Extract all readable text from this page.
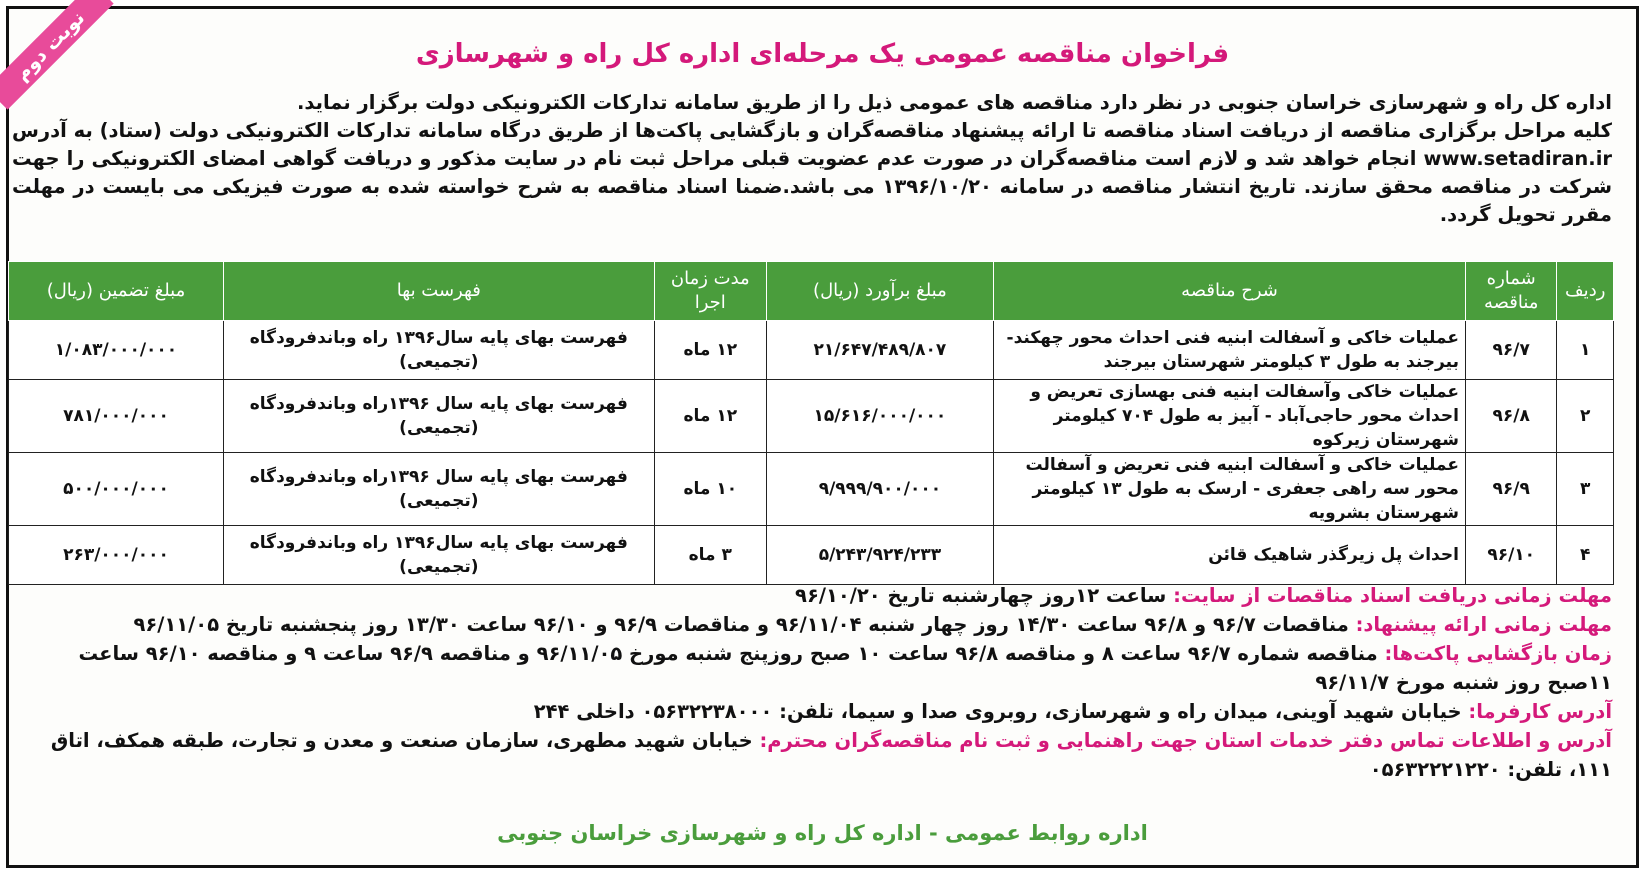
نوبت دوم	فراخوان مناقصه عمومی یک مرحله‌ای اداره کل راه و شهرسازی

اداره کل راه و شهرسازی خراسان جنوبی در نظر دارد مناقصه های عمومی ذیل را از طریق سامانه تدارکات الکترونیکی دولت برگزار نماید.

کلیه مراحل برگزاری مناقصه از دریافت اسناد مناقصه تا ارائه پیشنهاد مناقصه‌گران و بازگشایی پاکت‌ها از طریق درگاه سامانه تدارکات الکترونیکی دولت (ستاد) به آدرس www.setadiran.ir انجام خواهد شد و لازم است مناقصه‌گران در صورت عدم عضویت قبلی مراحل ثبت نام در سایت مذکور و دریافت گواهی امضای الکترونیکی را جهت شرکت در مناقصه محقق سازند. تاریخ انتشار مناقصه در سامانه ۱۳۹۶/۱۰/۲۰ می باشد.ضمنا اسناد مناقصه به شرح خواسته شده به صورت فیزیکی می بایست در مهلت مقرر تحویل گردد.

ردیف	شماره مناقصه	شرح مناقصه	مبلغ برآورد (ریال)	مدت زمان اجرا	فهرست بها	مبلغ تضمین (ریال)
۱	۹۶/۷	عملیات خاکی و آسفالت ابنیه فنی احداث محور چهکند- بیرجند به طول ۳ کیلومتر شهرستان بیرجند	۲۱/۶۴۷/۴۸۹/۸۰۷	۱۲ ماه	فهرست بهای پایه سال۱۳۹۶ راه وباندفرودگاه (تجمیعی)	۱/۰۸۳/۰۰۰/۰۰۰
۲	۹۶/۸	عملیات خاکی وآسفالت ابنیه فنی بهسازی تعریض و احداث محور حاجی‌آباد - آبیز به طول ۷۰۴ کیلومتر شهرستان زیرکوه	۱۵/۶۱۶/۰۰۰/۰۰۰	۱۲ ماه	فهرست بهای پایه سال ۱۳۹۶راه وباندفرودگاه (تجمیعی)	۷۸۱/۰۰۰/۰۰۰
۳	۹۶/۹	عملیات خاکی و آسفالت ابنیه فنی تعریض و آسفالت محور سه راهی جعفری - ارسک به طول ۱۳ کیلومتر شهرستان بشرویه	۹/۹۹۹/۹۰۰/۰۰۰	۱۰ ماه	فهرست بهای پایه سال ۱۳۹۶راه وباندفرودگاه (تجمیعی)	۵۰۰/۰۰۰/۰۰۰
۴	۹۶/۱۰	احداث پل زیرگذر شاهیک قائن	۵/۲۴۳/۹۲۴/۲۳۳	۳ ماه	فهرست بهای پایه سال۱۳۹۶ راه وباندفرودگاه (تجمیعی)	۲۶۳/۰۰۰/۰۰۰

مهلت زمانی دریافت اسناد مناقصات از سایت: ساعت ۱۲روز چهارشنبه تاریخ ۹۶/۱۰/۲۰

مهلت زمانی ارائه پیشنهاد: مناقصات ۹۶/۷ و ۹۶/۸ ساعت ۱۴/۳۰ روز چهار شنبه ۹۶/۱۱/۰۴ و مناقصات ۹۶/۹ و ۹۶/۱۰ ساعت ۱۳/۳۰ روز پنجشنبه تاریخ ۹۶/۱۱/۰۵

زمان بازگشایی پاکت‌ها: مناقصه شماره ۹۶/۷ ساعت ۸ و مناقصه ۹۶/۸ ساعت ۱۰ صبح روزپنج شنبه مورخ ۹۶/۱۱/۰۵ و مناقصه ۹۶/۹ ساعت ۹ و مناقصه ۹۶/۱۰ ساعت ۱۱صبح روز شنبه مورخ ۹۶/۱۱/۷

آدرس کارفرما: خیابان شهید آوینی، میدان راه و شهرسازی، روبروی صدا و سیما، تلفن: ۰۵۶۳۲۲۳۸۰۰۰ داخلی ۲۴۴

آدرس و اطلاعات تماس دفتر خدمات استان جهت راهنمایی و ثبت نام مناقصه‌گران محترم: خیابان شهید مطهری، سازمان صنعت و معدن و تجارت، طبقه همکف، اتاق ۱۱۱، تلفن: ۰۵۶۳۲۲۲۱۲۲۰

اداره روابط عمومی - اداره کل راه و شهرسازی خراسان جنوبی
